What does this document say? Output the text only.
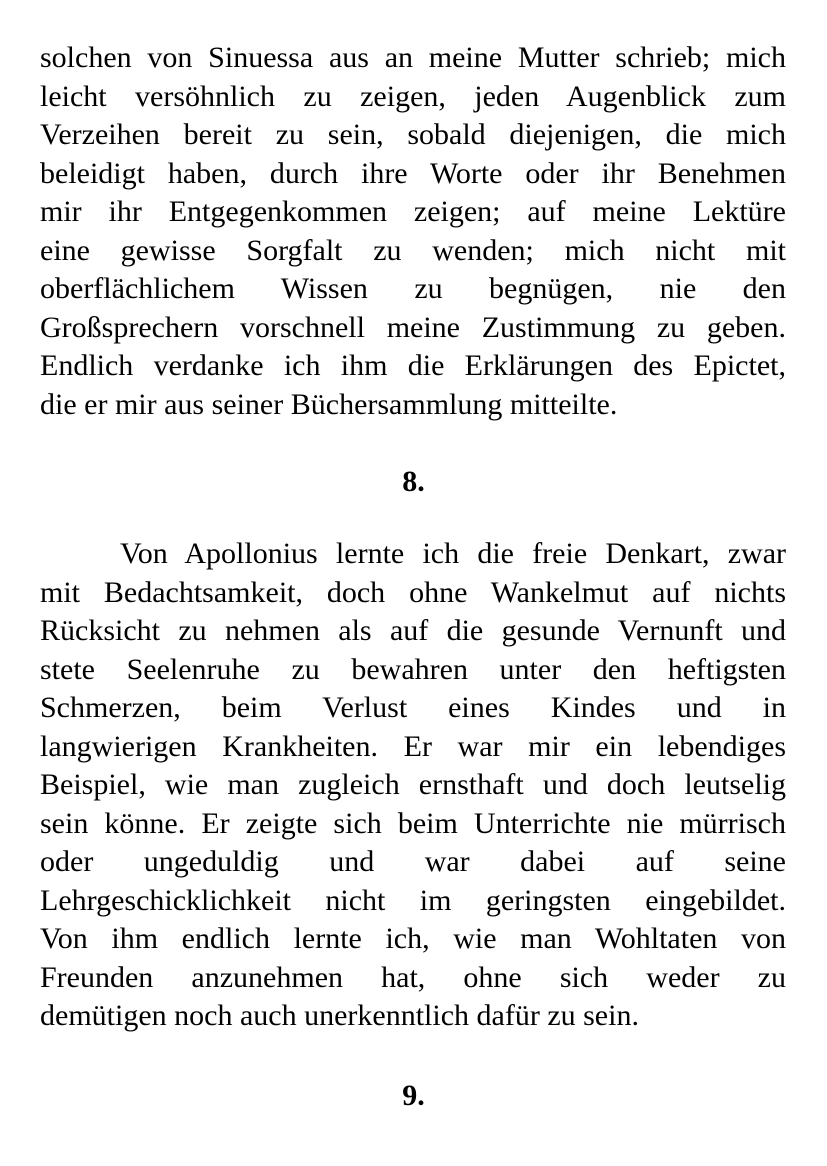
solchen von Sinuessa aus an meine Mutter schrieb; mich
leicht versöhnlich zu zeigen, jeden Augenblick zum
Verzeihen bereit zu sein, sobald diejenigen, die mich
beleidigt haben, durch ihre Worte oder ihr Benehmen
mir ihr Entgegenkommen zeigen; auf meine Lektüre
eine gewisse Sorgfalt zu wenden; mich nicht mit
oberflächlichem Wissen zu begnügen, nie den
Großsprechern vorschnell meine Zustimmung zu geben.
Endlich verdanke ich ihm die Erklärungen des Epictet,
die er mir aus seiner Büchersammlung mitteilte.
8.
Von Apollonius lernte ich die freie Denkart, zwar
mit Bedachtsamkeit, doch ohne Wankelmut auf nichts
Rücksicht zu nehmen als auf die gesunde Vernunft und
stete Seelenruhe zu bewahren unter den heftigsten
Schmerzen, beim Verlust eines Kindes und in
langwierigen Krankheiten. Er war mir ein lebendiges
Beispiel, wie man zugleich ernsthaft und doch leutselig
sein könne. Er zeigte sich beim Unterrichte nie mürrisch
oder ungeduldig und war dabei auf seine
Lehrgeschicklichkeit nicht im geringsten eingebildet.
Von ihm endlich lernte ich, wie man Wohltaten von
Freunden anzunehmen hat, ohne sich weder zu
demütigen noch auch unerkenntlich dafür zu sein.
9.
